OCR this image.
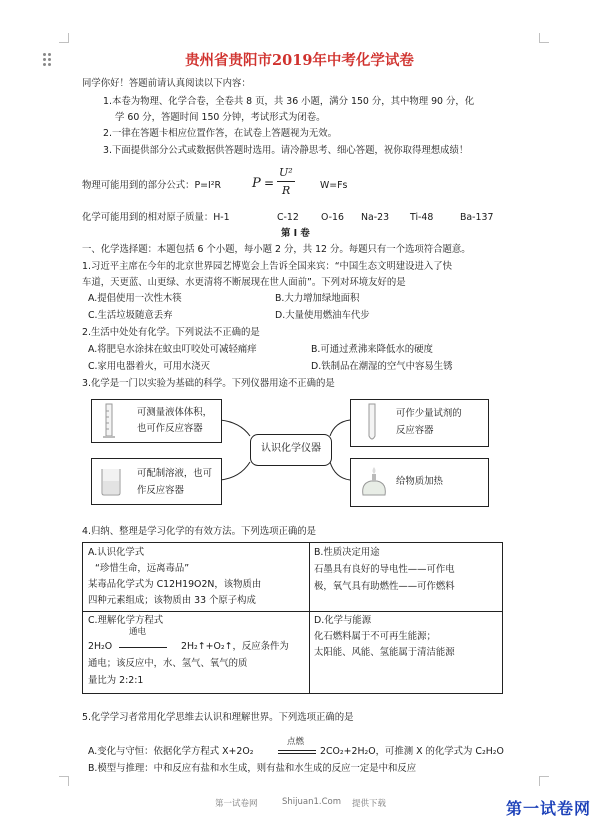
贵州省贵阳市2019年中考化学试卷
同学你好！答题前请认真阅读以下内容：
1.本卷为物理、化学合卷，全卷共 8 页，共 36 小题，满分 150 分，其中物理 90 分，化
学 60 分，答题时间 150 分钟，考试形式为闭卷。
2.一律在答题卡相应位置作答，在试卷上答题视为无效。
3.下面提供部分公式或数据供答题时选用。请冷静思考、细心答题，祝你取得理想成绩！
物理可能用到的部分公式：P=I²R P =
U²
R	W=Fs
化学可能用到的相对原子质量：H-1	C-12 O-16 Na-23 Ti-48	Ba-137
第 I 卷
一、化学选择题：本题包括 6 个小题，每小题 2 分，共 12 分。每题只有一个选项符合题意。
1.习近平主席在今年的北京世界园艺博览会上告诉全国来宾：“中国生态文明建设进入了快
车道，天更蓝、山更绿、水更清将不断展现在世人面前”。下列对环境友好的是
A.提倡使用一次性木筷	B.大力增加绿地面积
C.生活垃圾随意丢弃	D.大量使用燃油车代步
2.生活中处处有化学。下列说法不正确的是
A.将肥皂水涂抹在蚊虫叮咬处可减轻痛痒	B.可通过煮沸来降低水的硬度
C.家用电器着火，可用水浇灭	D.铁制品在潮湿的空气中容易生锈
3.化学是一门以实验为基础的科学。下列仪器用途不正确的是
可测量液体体积，
也可作反应容器
可作少量试剂的
反应容器
认识化学仪器
可配制溶液，也可
作反应容器
给物质加热
4.归纳、整理是学习化学的有效方法。下列选项正确的是
A.认识化学式
“珍惜生命，远离毒品”
某毒品化学式为 C12H19O2N，该物质由
四种元素组成；该物质由 33 个原子构成
B.性质决定用途
石墨具有良好的导电性——可作电
极，氧气具有助燃性——可作燃料
C.理解化学方程式
通电
2H₂O	2H₂↑+O₂↑，反应条件为
通电；该反应中，水、氢气、氧气的质
量比为 2:2:1
D.化学与能源
化石燃料属于不可再生能源；
太阳能、风能、氢能属于清洁能源
5.化学学习者常用化学思维去认识和理解世界。下列选项正确的是
A.变化与守恒：依据化学方程式 X+2O₂
点燃
2CO₂+2H₂O，可推测 X 的化学式为 C₂H₂O
B.模型与推理：中和反应有盐和水生成，则有盐和水生成的反应一定是中和反应
第一试卷网	Shijuan1.Com 提供下载	第一试卷网
